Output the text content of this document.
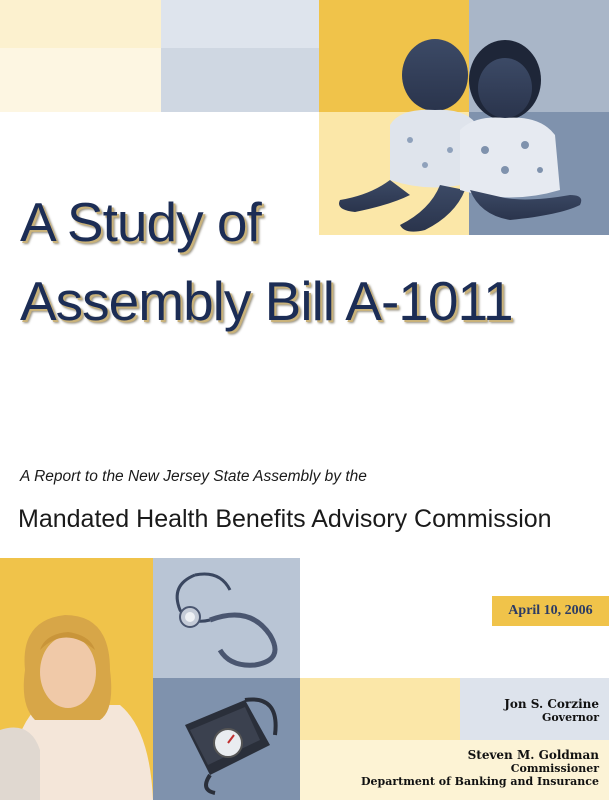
A Study of
Assembly Bill A-1011
A Report to the New Jersey State Assembly by the
Mandated Health Benefits Advisory Commission
April 10, 2006
Jon S. Corzine
Governor
Steven M. Goldman
Commissioner
Department of Banking and Insurance
